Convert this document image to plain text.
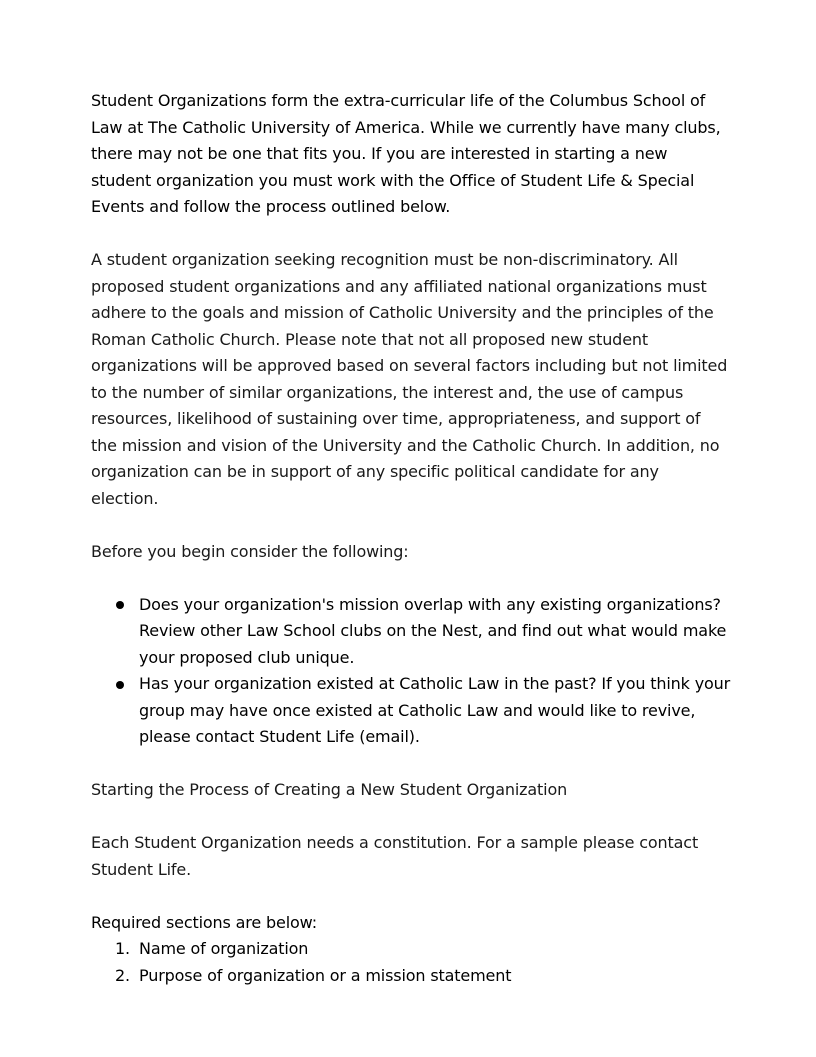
Student Organizations form the extra-curricular life of the Columbus School of Law at The Catholic University of America. While we currently have many clubs, there may not be one that fits you. If you are interested in starting a new student organization you must work with the Office of Student Life & Special Events and follow the process outlined below.

A student organization seeking recognition must be non-discriminatory. All proposed student organizations and any affiliated national organizations must adhere to the goals and mission of Catholic University and the principles of the Roman Catholic Church. Please note that not all proposed new student organizations will be approved based on several factors including but not limited to the number of similar organizations, the interest and, the use of campus resources, likelihood of sustaining over time, appropriateness, and support of the mission and vision of the University and the Catholic Church. In addition, no organization can be in support of any specific political candidate for any election.

Before you begin consider the following:

Does your organization's mission overlap with any existing organizations? Review other Law School clubs on the Nest, and find out what would make your proposed club unique.
Has your organization existed at Catholic Law in the past? If you think your group may have once existed at Catholic Law and would like to revive, please contact Student Life (email).

Starting the Process of Creating a New Student Organization

Each Student Organization needs a constitution. For a sample please contact Student Life.

Required sections are below:

1. Name of organization
2. Purpose of organization or a mission statement
